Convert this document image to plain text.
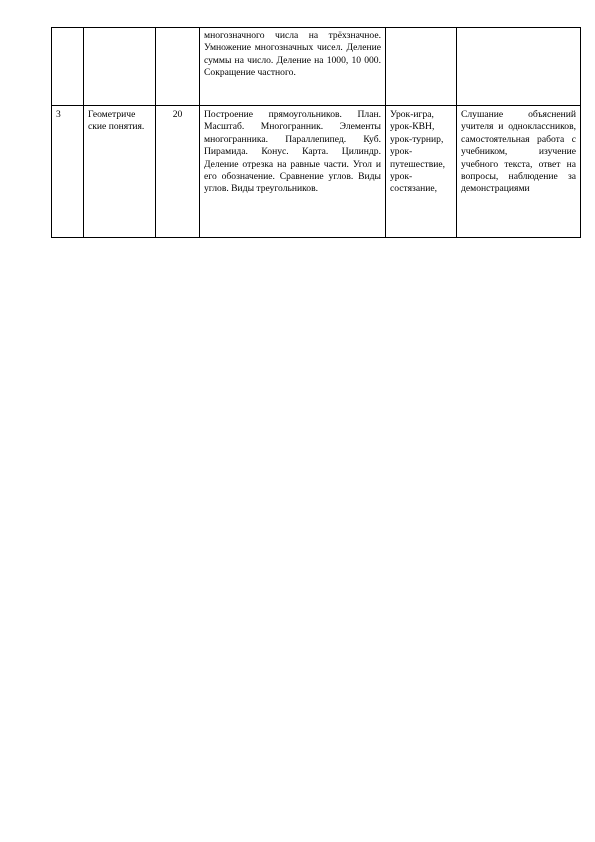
			многозначного числа на трёхзначное. Умножение многозначных чисел. Деление суммы на число. Деление на 1000, 10 000. Сокращение частного.		
3	Геометриче ские понятия.	20	Построение прямоугольников. План. Масштаб. Многогранник. Элементы многогранника. Параллепипед. Куб. Пирамида. Конус. Карта. Цилиндр. Деление отрезка на равные части. Угол и его обозначение. Сравнение углов. Виды углов. Виды треугольников.	Урок-игра, урок-КВН, урок-турнир, урок-путешествие, урок-состязание,	Слушание объяснений учителя и одноклассников, самостоятельная работа с учебником, изучение учебного текста, ответ на вопросы, наблюдение за демонстрациями
